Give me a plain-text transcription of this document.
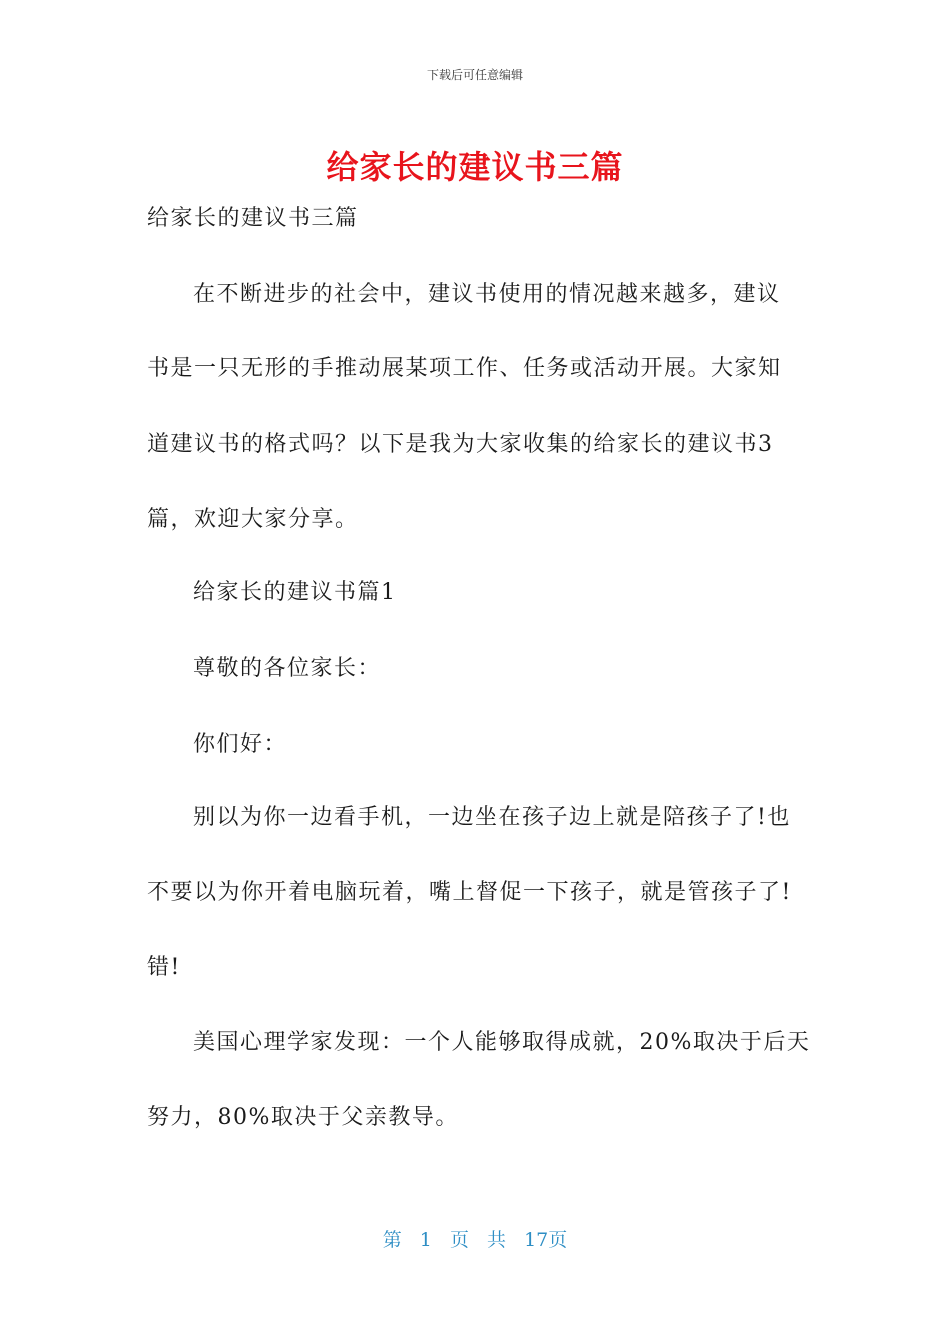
下载后可任意编辑
给家长的建议书三篇
给家长的建议书三篇
在不断进步的社会中，建议书使用的情况越来越多，建议
书是一只无形的手推动展某项工作、任务或活动开展。大家知
道建议书的格式吗？以下是我为大家收集的给家长的建议书3
篇，欢迎大家分享。
给家长的建议书篇1
尊敬的各位家长：
你们好：
别以为你一边看手机，一边坐在孩子边上就是陪孩子了!也
不要以为你开着电脑玩着，嘴上督促一下孩子，就是管孩子了!
错!
美国心理学家发现：一个人能够取得成就，20%取决于后天
努力，80%取决于父亲教导。
第 1 页 共 17页
